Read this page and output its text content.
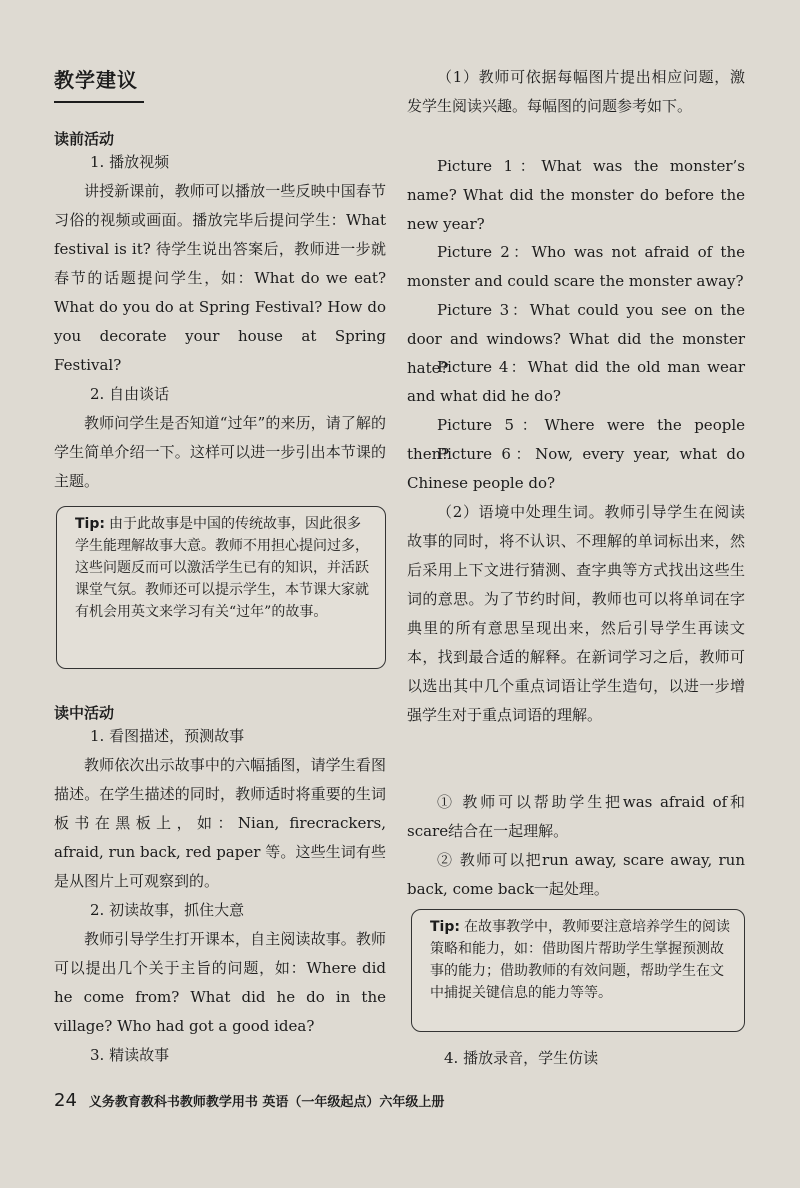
教学建议
读前活动
1. 播放视频
讲授新课前，教师可以播放一些反映中国春节习俗的视频或画面。播放完毕后提问学生：What festival is it? 待学生说出答案后，教师进一步就春节的话题提问学生，如：What do we eat? What do you do at Spring Festival? How do you decorate your house at Spring Festival?
2. 自由谈话
教师问学生是否知道“过年”的来历，请了解的学生简单介绍一下。这样可以进一步引出本节课的主题。
Tip: 由于此故事是中国的传统故事，因此很多学生能理解故事大意。教师不用担心提问过多，这些问题反而可以激活学生已有的知识，并活跃课堂气氛。教师还可以提示学生，本节课大家就有机会用英文来学习有关“过年”的故事。
读中活动
1. 看图描述，预测故事
教师依次出示故事中的六幅插图，请学生看图描述。在学生描述的同时，教师适时将重要的生词板书在黑板上，如：Nian, firecrackers, afraid, run back, red paper 等。这些生词有些是从图片上可观察到的。
2. 初读故事，抓住大意
教师引导学生打开课本，自主阅读故事。教师可以提出几个关于主旨的问题，如：Where did he come from? What did he do in the village? Who had got a good idea?
3. 精读故事
（1）教师可依据每幅图片提出相应问题，激发学生阅读兴趣。每幅图的问题参考如下。
Picture 1：What was the monster’s name? What did the monster do before the new year?
Picture 2：Who was not afraid of the monster and could scare the monster away?
Picture 3：What could you see on the door and windows? What did the monster hate?
Picture 4：What did the old man wear and what did he do?
Picture 5：Where were the people then?
Picture 6：Now, every year, what do Chinese people do?
（2）语境中处理生词。教师引导学生在阅读故事的同时，将不认识、不理解的单词标出来，然后采用上下文进行猜测、查字典等方式找出这些生词的意思。为了节约时间，教师也可以将单词在字典里的所有意思呈现出来，然后引导学生再读文本，找到最合适的解释。在新词学习之后，教师可以选出其中几个重点词语让学生造句，以进一步增强学生对于重点词语的理解。
① 教师可以帮助学生把was afraid of和scare结合在一起理解。
② 教师可以把run away, scare away, run back, come back一起处理。
Tip: 在故事教学中，教师要注意培养学生的阅读策略和能力，如：借助图片帮助学生掌握预测故事的能力；借助教师的有效问题，帮助学生在文中捕捉关键信息的能力等等。
4. 播放录音，学生仿读
24 义务教育教科书教师教学用书 英语（一年级起点）六年级上册
